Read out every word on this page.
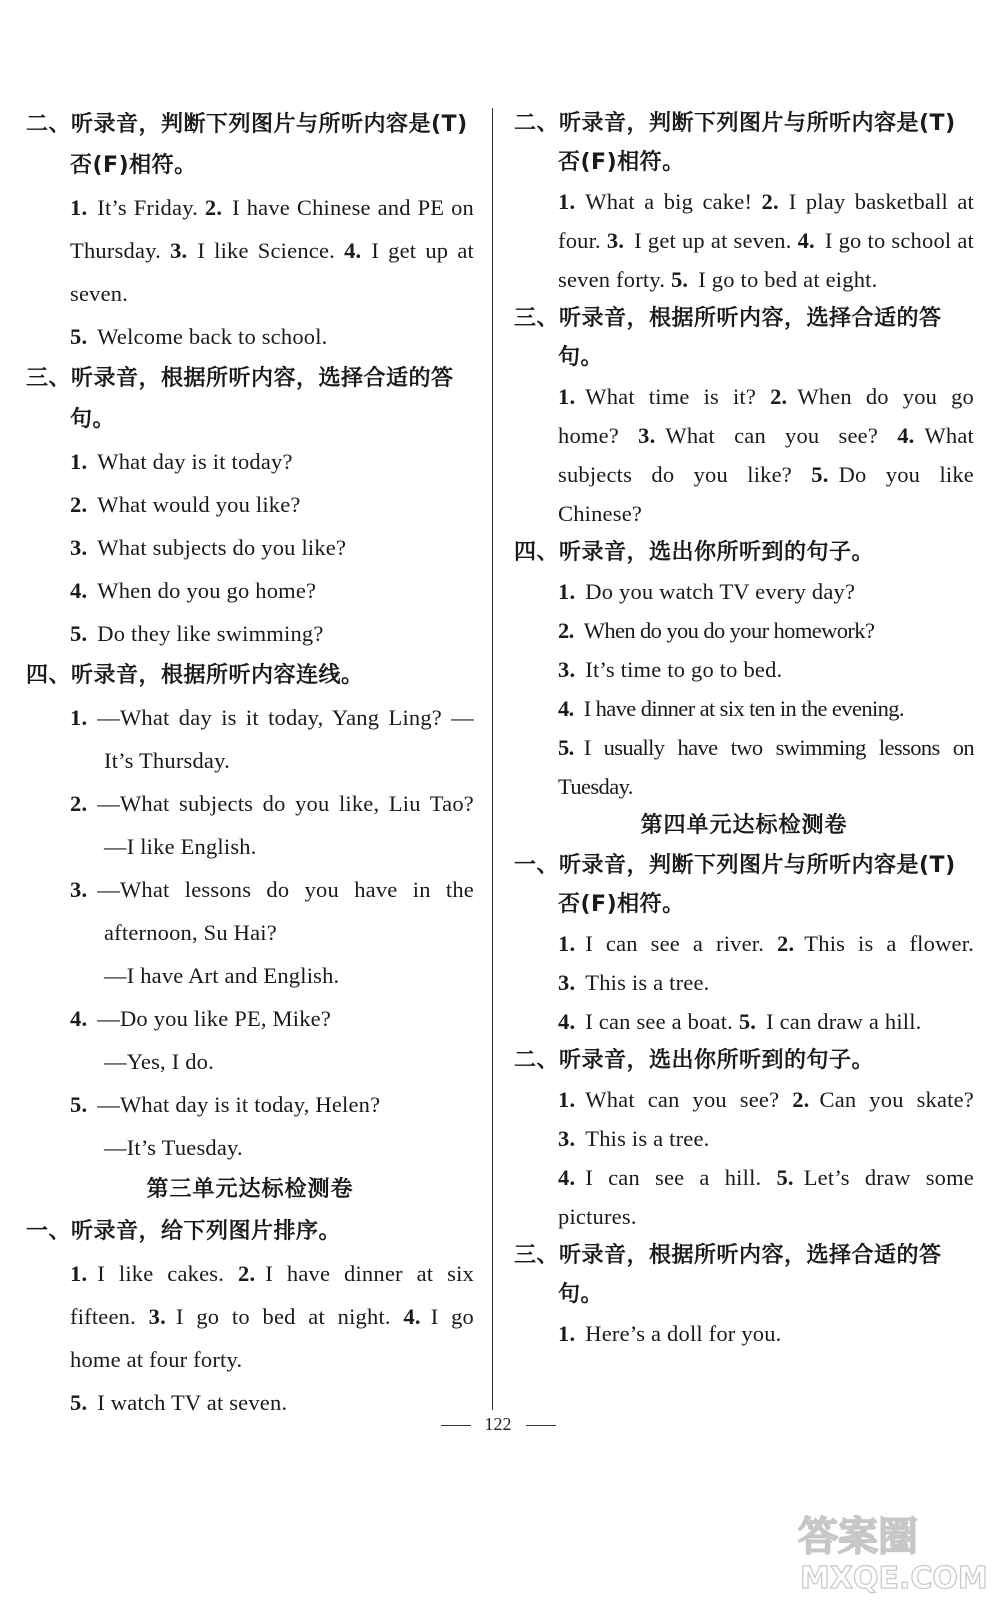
二、听录音，判断下列图片与所听内容是(T)否(F)相符。
1. It’s Friday. 2. I have Chinese and PE on Thursday. 3. I like Science. 4. I get up at seven.
5. Welcome back to school.
三、听录音，根据所听内容，选择合适的答句。
1. What day is it today?
2. What would you like?
3. What subjects do you like?
4. When do you go home?
5. Do they like swimming?
四、听录音，根据所听内容连线。
1. —What day is it today, Yang Ling? —It’s Thursday.
2. —What subjects do you like, Liu Tao? —I like English.
3. —What lessons do you have in the afternoon, Su Hai?
—I have Art and English.
4. —Do you like PE, Mike?
—Yes, I do.
5. —What day is it today, Helen?
—It’s Tuesday.
第三单元达标检测卷
一、听录音，给下列图片排序。
1. I like cakes. 2. I have dinner at six fifteen. 3. I go to bed at night. 4. I go home at four forty.
5. I watch TV at seven.
二、听录音，判断下列图片与所听内容是(T)否(F)相符。
1. What a big cake! 2. I play basketball at four. 3. I get up at seven. 4. I go to school at seven forty. 5. I go to bed at eight.
三、听录音，根据所听内容，选择合适的答句。
1. What time is it? 2. When do you go home? 3. What can you see? 4. What subjects do you like? 5. Do you like Chinese?
四、听录音，选出你所听到的句子。
1. Do you watch TV every day?
2. When do you do your homework?
3. It’s time to go to bed.
4. I have dinner at six ten in the evening.
5. I usually have two swimming lessons on Tuesday.
第四单元达标检测卷
一、听录音，判断下列图片与所听内容是(T)否(F)相符。
1. I can see a river. 2. This is a flower. 3. This is a tree.
4. I can see a boat. 5. I can draw a hill.
二、听录音，选出你所听到的句子。
1. What can you see? 2. Can you skate? 3. This is a tree.
4. I can see a hill. 5. Let’s draw some pictures.
三、听录音，根据所听内容，选择合适的答句。
1. Here’s a doll for you.
122
答案圈
MXQE.COM
